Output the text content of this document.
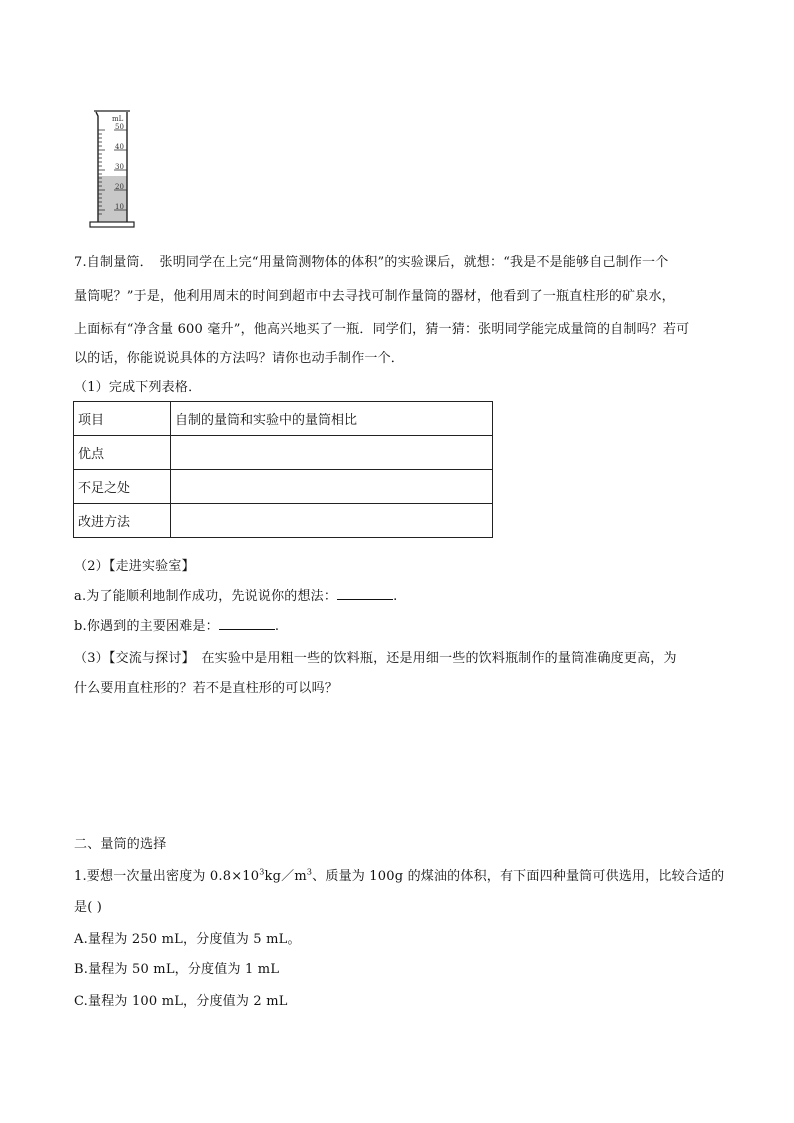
mL
50
40
30
20
10
7.自制量筒．　张明同学在上完“用量筒测物体的体积”的实验课后，就想：“我是不是能够自己制作一个
量筒呢？”于是，他利用周末的时间到超市中去寻找可制作量筒的器材，他看到了一瓶直柱形的矿泉水，
上面标有“净含量 600 毫升”，他高兴地买了一瓶．同学们，猜一猜：张明同学能完成量筒的自制吗？若可
以的话，你能说说具体的方法吗？请你也动手制作一个．
（1）完成下列表格．
项目	自制的量筒和实验中的量筒相比
优点	
不足之处	
改进方法	
（2）【走进实验室】
a.为了能顺利地制作成功，先说说你的想法：	.
b.你遇到的主要困难是：	.
（3）【交流与探讨】　在实验中是用粗一些的饮料瓶，还是用细一些的饮料瓶制作的量筒准确度更高，为
什么要用直柱形的？若不是直柱形的可以吗？
二、量筒的选择
1.要想一次量出密度为 $0.8\times 10^3kg/m^3$、质量为 100g 的煤油的体积，有下面四种量筒可供选用，比较合适的
是( )
A.量程为 250 mL，分度值为 5 mL。
B.量程为 50 mL，分度值为 1 mL
C.量程为 100 mL，分度值为 2 mL
